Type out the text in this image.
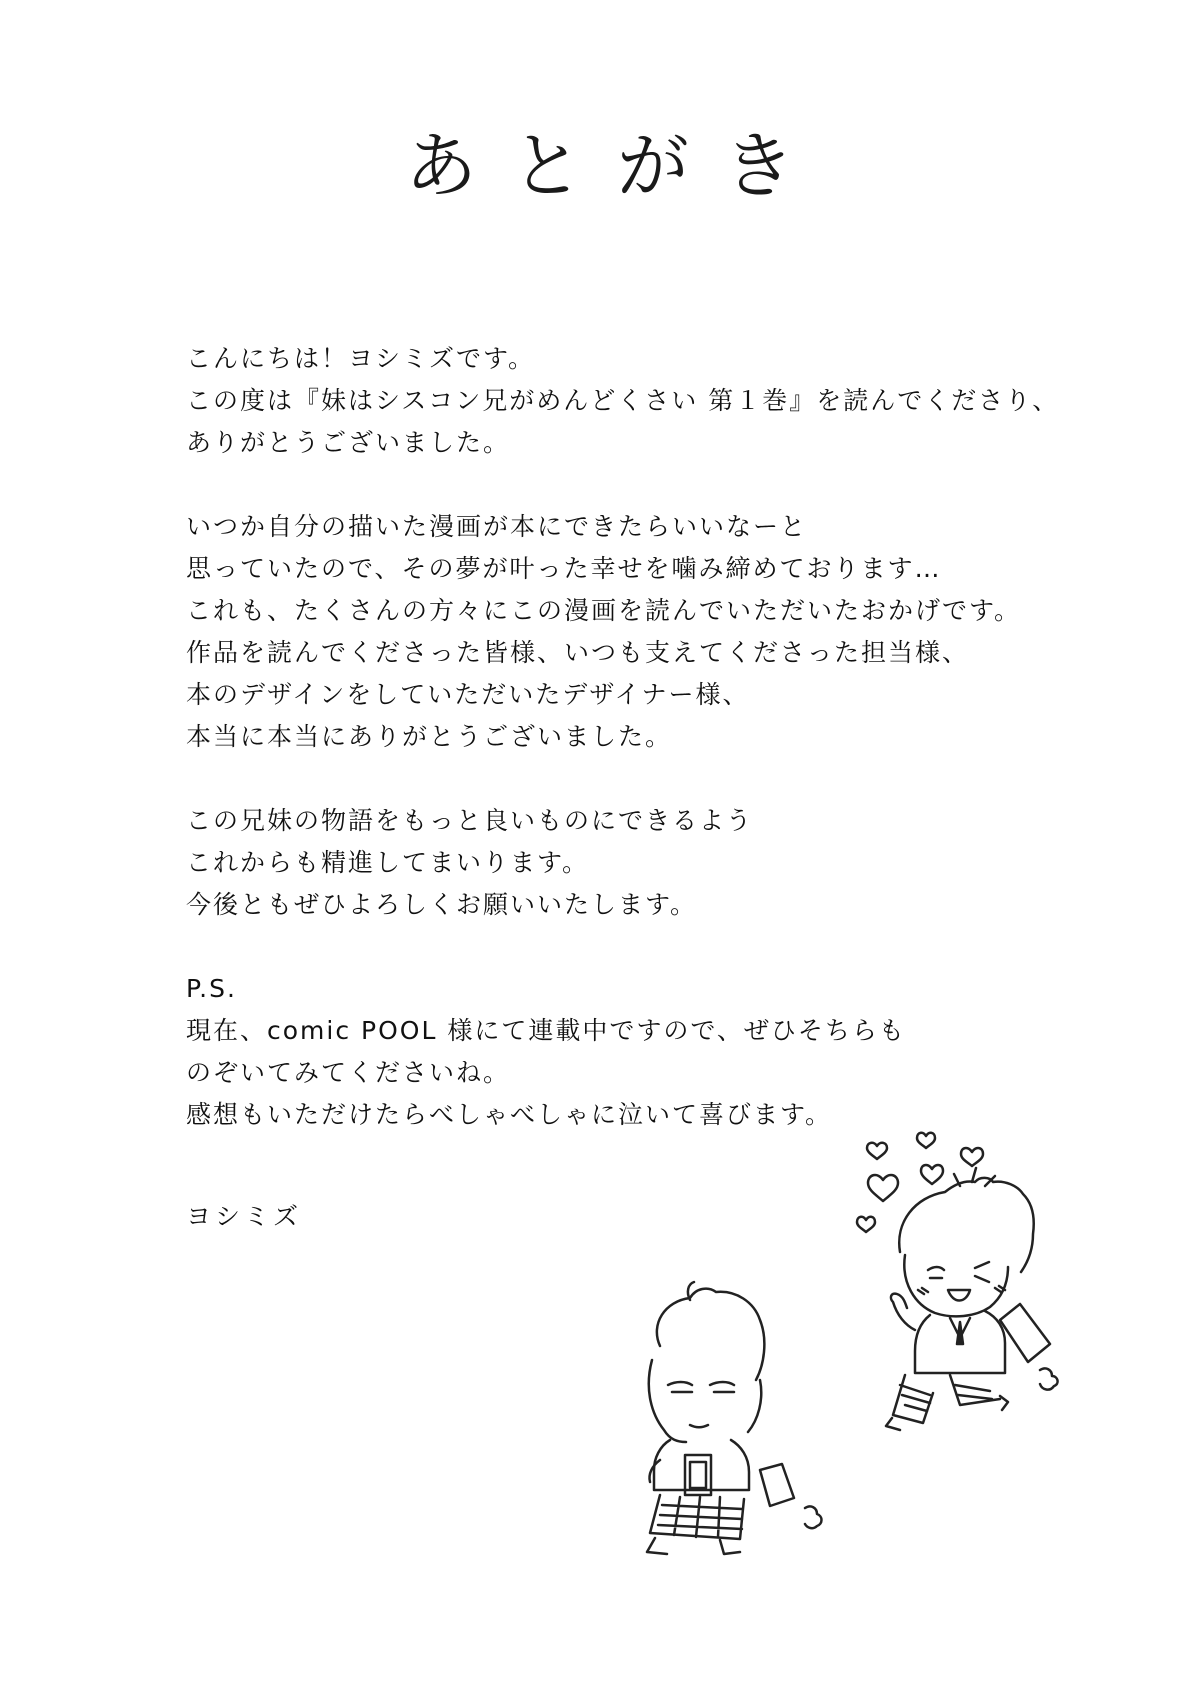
あとがき
こんにちは！ヨシミズです。
この度は『妹はシスコン兄がめんどくさい 第１巻』を読んでくださり、
ありがとうございました。
いつか自分の描いた漫画が本にできたらいいなーと
思っていたので、その夢が叶った幸せを噛み締めております…
これも、たくさんの方々にこの漫画を読んでいただいたおかげです。
作品を読んでくださった皆様、いつも支えてくださった担当様、
本のデザインをしていただいたデザイナー様、
本当に本当にありがとうございました。
この兄妹の物語をもっと良いものにできるよう
これからも精進してまいります。
今後ともぜひよろしくお願いいたします。
P.S.
現在、comic POOL 様にて連載中ですので、ぜひそちらも
のぞいてみてくださいね。
感想もいただけたらべしゃべしゃに泣いて喜びます。
ヨシミズ
